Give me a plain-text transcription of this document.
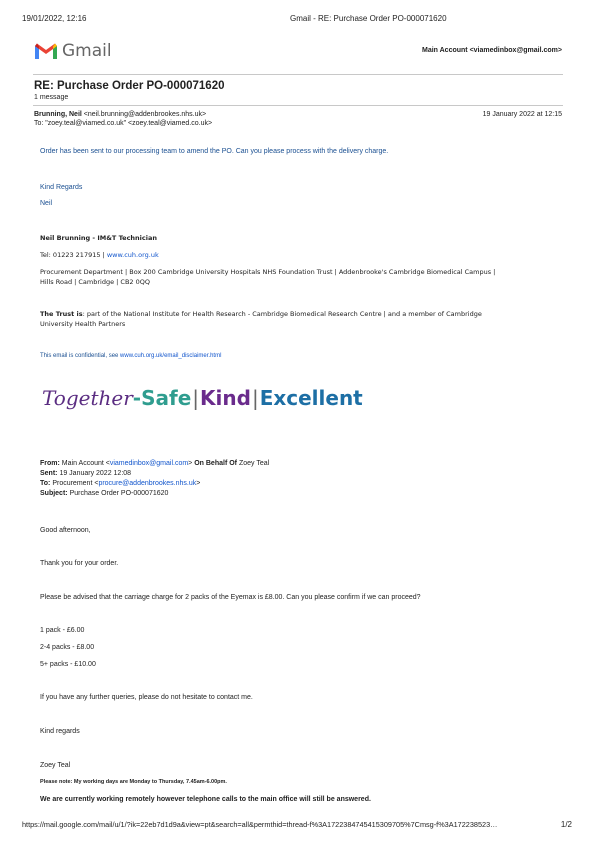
19/01/2022, 12:16	Gmail - RE: Purchase Order PO-000071620
Gmail	Main Account <viamedinbox@gmail.com>
RE: Purchase Order PO-000071620
1 message
Brunning, Neil <neil.brunning@addenbrookes.nhs.uk>	19 January 2022 at 12:15
To: "zoey.teal@viamed.co.uk" <zoey.teal@viamed.co.uk>
Order has been sent to our processing team to amend the PO. Can you please process with the delivery charge.
Kind Regards
Neil
Neil Brunning - IM&T Technician
Tel: 01223 217915 | www.cuh.org.uk
Procurement Department | Box 200 Cambridge University Hospitals NHS Foundation Trust | Addenbrooke's Cambridge Biomedical Campus |
Hills Road | Cambridge | CB2 0QQ
The Trust is: part of the National Institute for Health Research - Cambridge Biomedical Research Centre | and a member of Cambridge
University Health Partners
This email is confidential, see www.cuh.org.uk/email_disclaimer.html
Together-Safe|Kind|Excellent
From: Main Account <viamedinbox@gmail.com> On Behalf Of Zoey Teal
Sent: 19 January 2022 12:08
To: Procurement <procure@addenbrookes.nhs.uk>
Subject: Purchase Order PO-000071620
Good afternoon,
Thank you for your order.
Please be advised that the carriage charge for 2 packs of the Eyemax is £8.00. Can you please confirm if we can proceed?
1 pack - £6.00
2-4 packs - £8.00
5+ packs - £10.00
If you have any further queries, please do not hesitate to contact me.
Kind regards
Zoey Teal
Please note: My working days are Monday to Thursday, 7.45am-6.00pm.
We are currently working remotely however telephone calls to the main office will still be answered.
https://mail.google.com/mail/u/1/?ik=22eb7d1d9a&view=pt&search=all&permthid=thread-f%3A1722384745415309705%7Cmsg-f%3A172238523…	1/2
